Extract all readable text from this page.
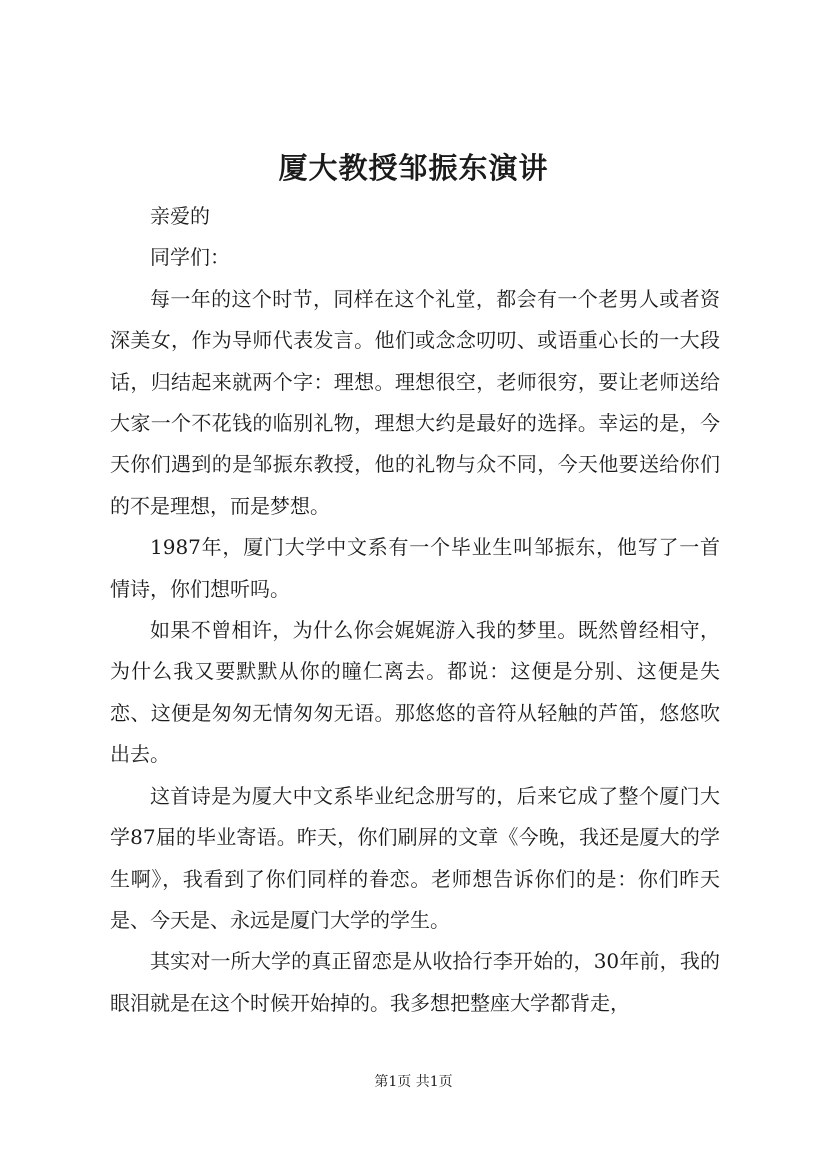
厦大教授邹振东演讲

亲爱的

同学们：

每一年的这个时节，同样在这个礼堂，都会有一个老男人或者资深美女，作为导师代表发言。他们或念念叨叨、或语重心长的一大段话，归结起来就两个字：理想。理想很空，老师很穷，要让老师送给大家一个不花钱的临别礼物，理想大约是最好的选择。幸运的是，今天你们遇到的是邹振东教授，他的礼物与众不同，今天他要送给你们的不是理想，而是梦想。

1987年，厦门大学中文系有一个毕业生叫邹振东，他写了一首情诗，你们想听吗。

如果不曾相许，为什么你会娓娓游入我的梦里。既然曾经相守，为什么我又要默默从你的瞳仁离去。都说：这便是分别、这便是失恋、这便是匆匆无情匆匆无语。那悠悠的音符从轻触的芦笛，悠悠吹出去。

这首诗是为厦大中文系毕业纪念册写的，后来它成了整个厦门大学87届的毕业寄语。昨天，你们刷屏的文章《今晚，我还是厦大的学生啊》，我看到了你们同样的眷恋。老师想告诉你们的是：你们昨天是、今天是、永远是厦门大学的学生。

其实对一所大学的真正留恋是从收拾行李开始的，30年前，我的眼泪就是在这个时候开始掉的。我多想把整座大学都背走，

第1页 共1页
